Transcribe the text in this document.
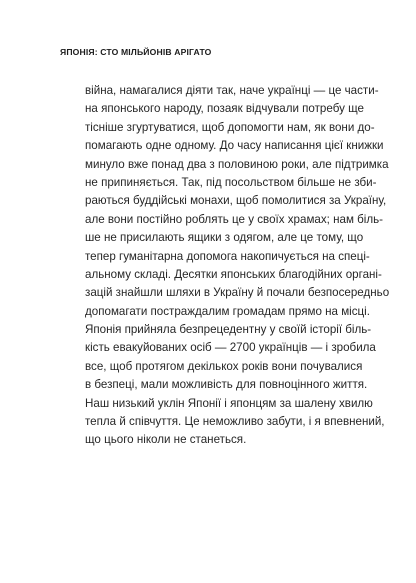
ЯПОНІЯ: СТО МІЛЬЙОНІВ АРІГАТО
війна, намагалися діяти так, наче українці — це части-
на японського народу, позаяк відчували потребу ще
тісніше згуртуватися, щоб допомогти нам, як вони до-
помагають одне одному. До часу написання цієї книжки
минуло вже понад два з половиною роки, але підтримка
не припиняється. Так, під посольством більше не зби-
раються буддійські монахи, щоб помолитися за Україну,
але вони постійно роблять це у своїх храмах; нам біль-
ше не присилають ящики з одягом, але це тому, що
тепер гуманітарна допомога накопичується на спеці-
альному складі. Десятки японських благодійних органі-
зацій знайшли шляхи в Україну й почали безпосередньо
допомагати постраждалим громадам прямо на місці.
Японія прийняла безпрецедентну у своїй історії біль-
кість евакуйованих осіб — 2700 українців — і зробила
все, щоб протягом декількох років вони почувалися
в безпеці, мали можливість для повноцінного життя.
Наш низький уклін Японії і японцям за шалену хвилю
тепла й співчуття. Це неможливо забути, і я впевнений,
що цього ніколи не станеться.
